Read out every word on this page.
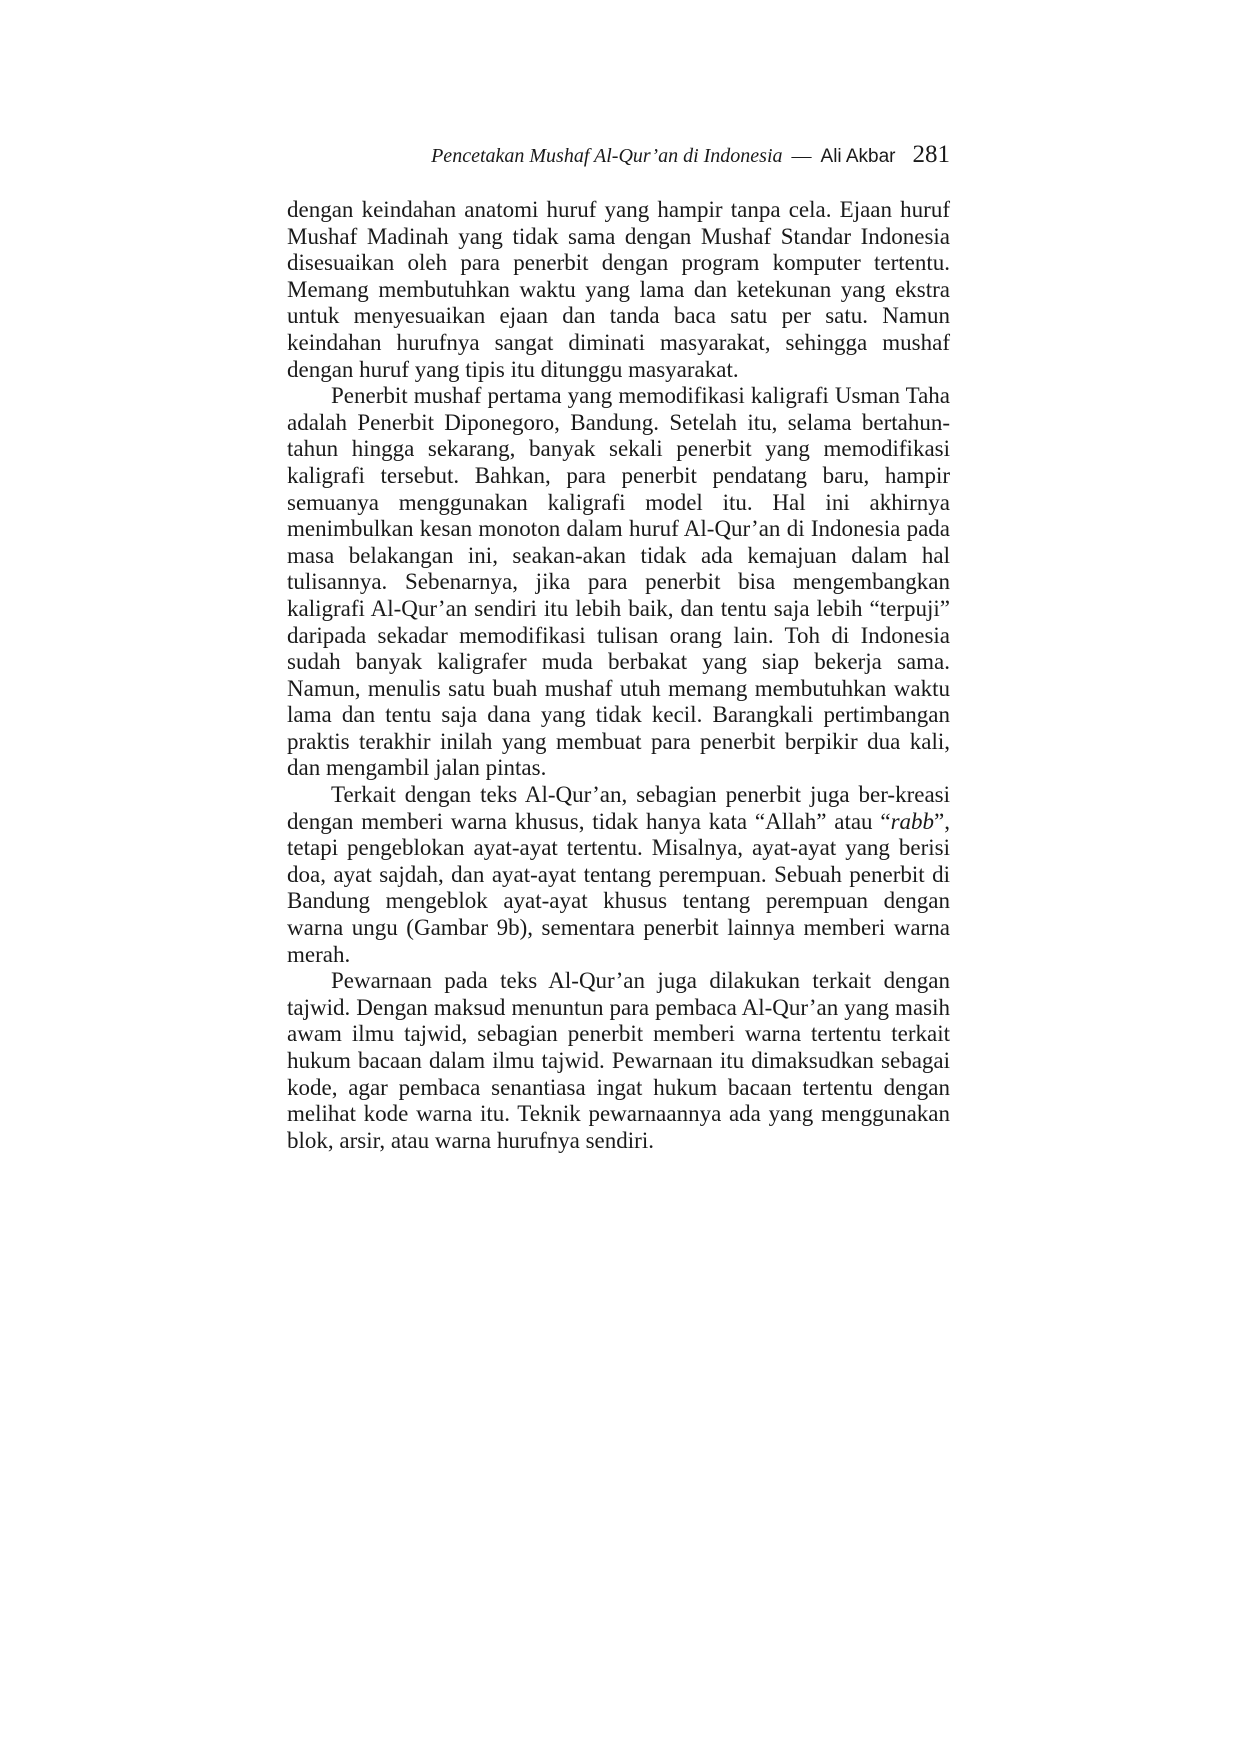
Pencetakan Mushaf Al-Qur’an di Indonesia — Ali Akbar 281

dengan keindahan anatomi huruf yang hampir tanpa cela. Ejaan huruf Mushaf Madinah yang tidak sama dengan Mushaf Standar Indonesia disesuaikan oleh para penerbit dengan program komputer tertentu. Memang membutuhkan waktu yang lama dan ketekunan yang ekstra untuk menyesuaikan ejaan dan tanda baca satu per satu. Namun keindahan hurufnya sangat diminati masyarakat, sehingga mushaf dengan huruf yang tipis itu ditunggu masyarakat.

Penerbit mushaf pertama yang memodifikasi kaligrafi Usman Taha adalah Penerbit Diponegoro, Bandung. Setelah itu, selama bertahun-tahun hingga sekarang, banyak sekali penerbit yang memodifikasi kaligrafi tersebut. Bahkan, para penerbit pendatang baru, hampir semuanya menggunakan kaligrafi model itu. Hal ini akhirnya menimbulkan kesan monoton dalam huruf Al-Qur’an di Indonesia pada masa belakangan ini, seakan-akan tidak ada kemajuan dalam hal tulisannya. Sebenarnya, jika para penerbit bisa mengembangkan kaligrafi Al-Qur’an sendiri itu lebih baik, dan tentu saja lebih “terpuji” daripada sekadar memodifikasi tulisan orang lain. Toh di Indonesia sudah banyak kaligrafer muda berbakat yang siap bekerja sama. Namun, menulis satu buah mushaf utuh memang membutuhkan waktu lama dan tentu saja dana yang tidak kecil. Barangkali pertimbangan praktis terakhir inilah yang membuat para penerbit berpikir dua kali, dan mengambil jalan pintas.

Terkait dengan teks Al-Qur’an, sebagian penerbit juga ber-kreasi dengan memberi warna khusus, tidak hanya kata “Allah” atau “rabb”, tetapi pengeblokan ayat-ayat tertentu. Misalnya, ayat-ayat yang berisi doa, ayat sajdah, dan ayat-ayat tentang perempuan. Sebuah penerbit di Bandung mengeblok ayat-ayat khusus tentang perempuan dengan warna ungu (Gambar 9b), sementara penerbit lainnya memberi warna merah.

Pewarnaan pada teks Al-Qur’an juga dilakukan terkait dengan tajwid. Dengan maksud menuntun para pembaca Al-Qur’an yang masih awam ilmu tajwid, sebagian penerbit memberi warna tertentu terkait hukum bacaan dalam ilmu tajwid. Pewarnaan itu dimaksudkan sebagai kode, agar pembaca senantiasa ingat hukum bacaan tertentu dengan melihat kode warna itu. Teknik pewarnaannya ada yang menggunakan blok, arsir, atau warna hurufnya sendiri.
